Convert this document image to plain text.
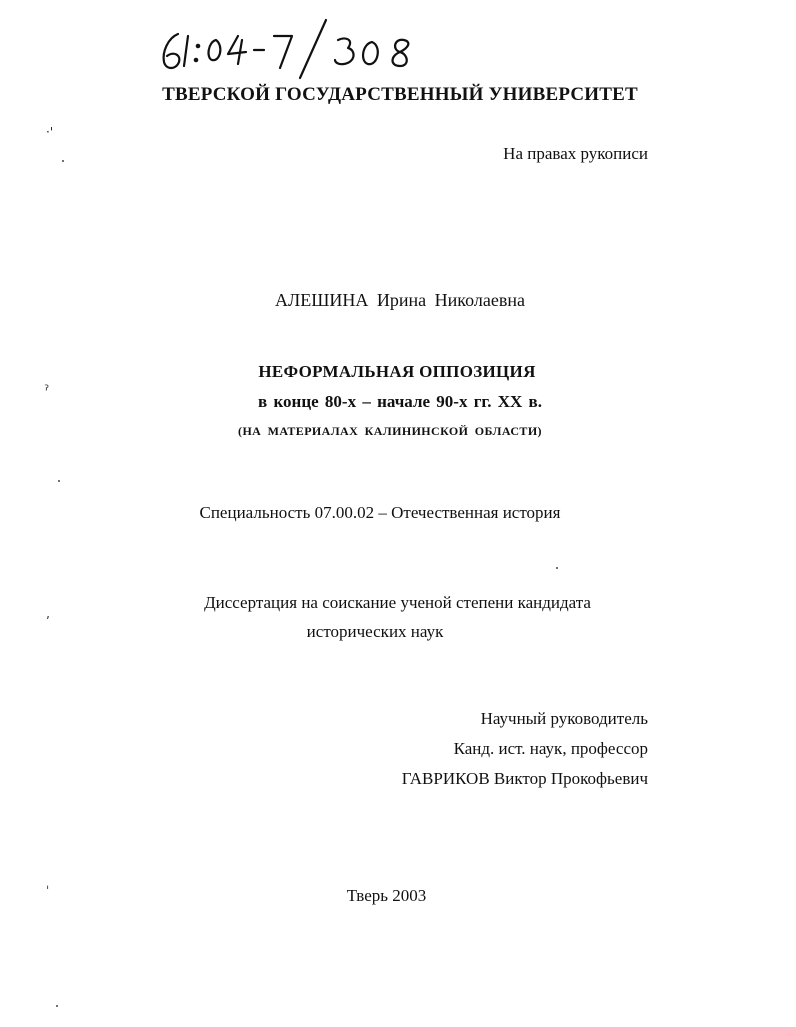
ТВЕРСКОЙ ГОСУДАРСТВЕННЫЙ УНИВЕРСИТЕТ
На правах рукописи
АЛЕШИНА Ирина Николаевна
НЕФОРМАЛЬНАЯ ОППОЗИЦИЯ
в конце 80-х – начале 90-х гг. XX в.
(НА МАТЕРИАЛАХ КАЛИНИНСКОЙ ОБЛАСТИ)
Специальность 07.00.02 – Отечественная история
Диссертация на соискание ученой степени кандидата
исторических наук
Научный руководитель
Канд. ист. наук, профессор
ГАВРИКОВ Виктор Прокофьевич
Тверь 2003
·'
ˀ
ʼ
ˈ
